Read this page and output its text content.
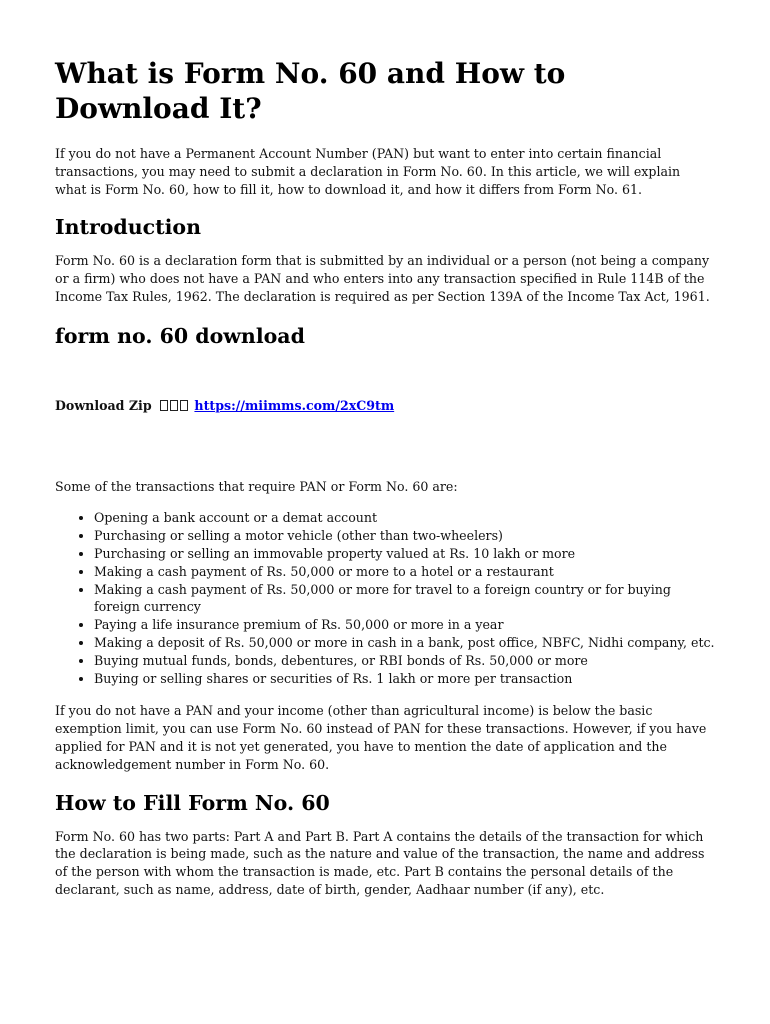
What is Form No. 60 and How to Download It?

If you do not have a Permanent Account Number (PAN) but want to enter into certain financial transactions, you may need to submit a declaration in Form No. 60. In this article, we will explain what is Form No. 60, how to fill it, how to download it, and how it differs from Form No. 61.

Introduction

Form No. 60 is a declaration form that is submitted by an individual or a person (not being a company or a firm) who does not have a PAN and who enters into any transaction specified in Rule 114B of the Income Tax Rules, 1962. The declaration is required as per Section 139A of the Income Tax Act, 1961.

form no. 60 download
Download Zip	https://miimms.com/2xC9tm

Some of the transactions that require PAN or Form No. 60 are:

• Opening a bank account or a demat account
• Purchasing or selling a motor vehicle (other than two-wheelers)
• Purchasing or selling an immovable property valued at Rs. 10 lakh or more
• Making a cash payment of Rs. 50,000 or more to a hotel or a restaurant
• Making a cash payment of Rs. 50,000 or more for travel to a foreign country or for buying foreign currency
• Paying a life insurance premium of Rs. 50,000 or more in a year
• Making a deposit of Rs. 50,000 or more in cash in a bank, post office, NBFC, Nidhi company, etc.
• Buying mutual funds, bonds, debentures, or RBI bonds of Rs. 50,000 or more
• Buying or selling shares or securities of Rs. 1 lakh or more per transaction

If you do not have a PAN and your income (other than agricultural income) is below the basic exemption limit, you can use Form No. 60 instead of PAN for these transactions. However, if you have applied for PAN and it is not yet generated, you have to mention the date of application and the acknowledgement number in Form No. 60.

How to Fill Form No. 60

Form No. 60 has two parts: Part A and Part B. Part A contains the details of the transaction for which the declaration is being made, such as the nature and value of the transaction, the name and address of the person with whom the transaction is made, etc. Part B contains the personal details of the declarant, such as name, address, date of birth, gender, Aadhaar number (if any), etc.
